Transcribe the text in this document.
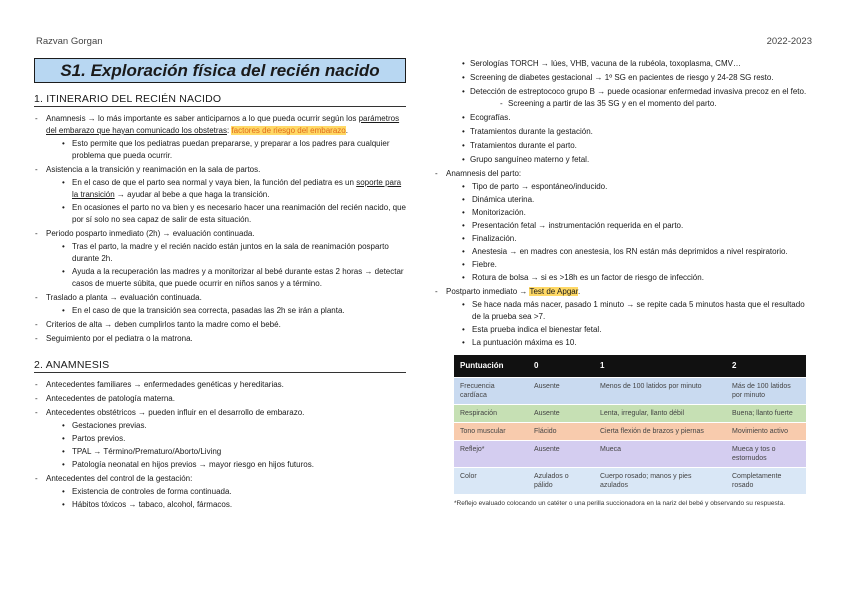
Razvan Gorgan	2022-2023
S1. Exploración física del recién nacido
1. ITINERARIO DEL RECIÉN NACIDO
- Anamnesis → lo más importante es saber anticiparnos a lo que pueda ocurrir según los parámetros del embarazo que hayan comunicado los obstetras: factores de riesgo del embarazo.
• Esto permite que los pediatras puedan prepararse, y preparar a los padres para cualquier problema que pueda ocurrir.
- Asistencia a la transición y reanimación en la sala de partos.
• En el caso de que el parto sea normal y vaya bien, la función del pediatra es un soporte para la transición → ayudar al bebe a que haga la transición.
• En ocasiones el parto no va bien y es necesario hacer una reanimación del recién nacido, que por sí solo no sea capaz de salir de esta situación.
- Periodo posparto inmediato (2h) → evaluación continuada.
• Tras el parto, la madre y el recién nacido están juntos en la sala de reanimación posparto durante 2h.
• Ayuda a la recuperación las madres y a monitorizar al bebé durante estas 2 horas → detectar casos de muerte súbita, que puede ocurrir en niños sanos y a término.
- Traslado a planta → evaluación continuada.
• En el caso de que la transición sea correcta, pasadas las 2h se irán a planta.
- Criterios de alta → deben cumplirlos tanto la madre como el bebé.
- Seguimiento por el pediatra o la matrona.
2. ANAMNESIS
- Antecedentes familiares → enfermedades genéticas y hereditarias.
- Antecedentes de patología materna.
- Antecedentes obstétricos → pueden influir en el desarrollo de embarazo.
• Gestaciones previas.
• Partos previos.
• TPAL → Término/Prematuro/Aborto/Living
• Patología neonatal en hijos previos → mayor riesgo en hijos futuros.
- Antecedentes del control de la gestación:
• Existencia de controles de forma continuada.
• Hábitos tóxicos → tabaco, alcohol, fármacos.
• Serologías TORCH → lúes, VHB, vacuna de la rubéola, toxoplasma, CMV…
• Screening de diabetes gestacional → 1º SG en pacientes de riesgo y 24-28 SG resto.
• Detección de estreptococo grupo B → puede ocasionar enfermedad invasiva precoz en el feto.
- Screening a partir de las 35 SG y en el momento del parto.
• Ecografías.
• Tratamientos durante la gestación.
• Tratamientos durante el parto.
• Grupo sanguíneo materno y fetal.
- Anamnesis del parto:
• Tipo de parto → espontáneo/inducido.
• Dinámica uterina.
• Monitorización.
• Presentación fetal → instrumentación requerida en el parto.
• Finalización.
• Anestesia → en madres con anestesia, los RN están más deprimidos a nivel respiratorio.
• Fiebre.
• Rotura de bolsa → si es >18h es un factor de riesgo de infección.
- Postparto inmediato → Test de Apgar.
• Se hace nada más nacer, pasado 1 minuto → se repite cada 5 minutos hasta que el resultado de la prueba sea >7.
• Esta prueba indica el bienestar fetal.
• La puntuación máxima es 10.
Puntuación	0	1	2
Frecuencia cardíaca	Ausente	Menos de 100 latidos por minuto	Más de 100 latidos por minuto
Respiración	Ausente	Lenta, irregular, llanto débil	Buena; llanto fuerte
Tono muscular	Flácido	Cierta flexión de brazos y piernas	Movimiento activo
Reflejo*	Ausente	Mueca	Mueca y tos o estornudos
Color	Azulados o pálido	Cuerpo rosado; manos y pies azulados	Completamente rosado
*Reflejo evaluado colocando un catéter o una perilla succionadora en la nariz del bebé y observando su respuesta.
